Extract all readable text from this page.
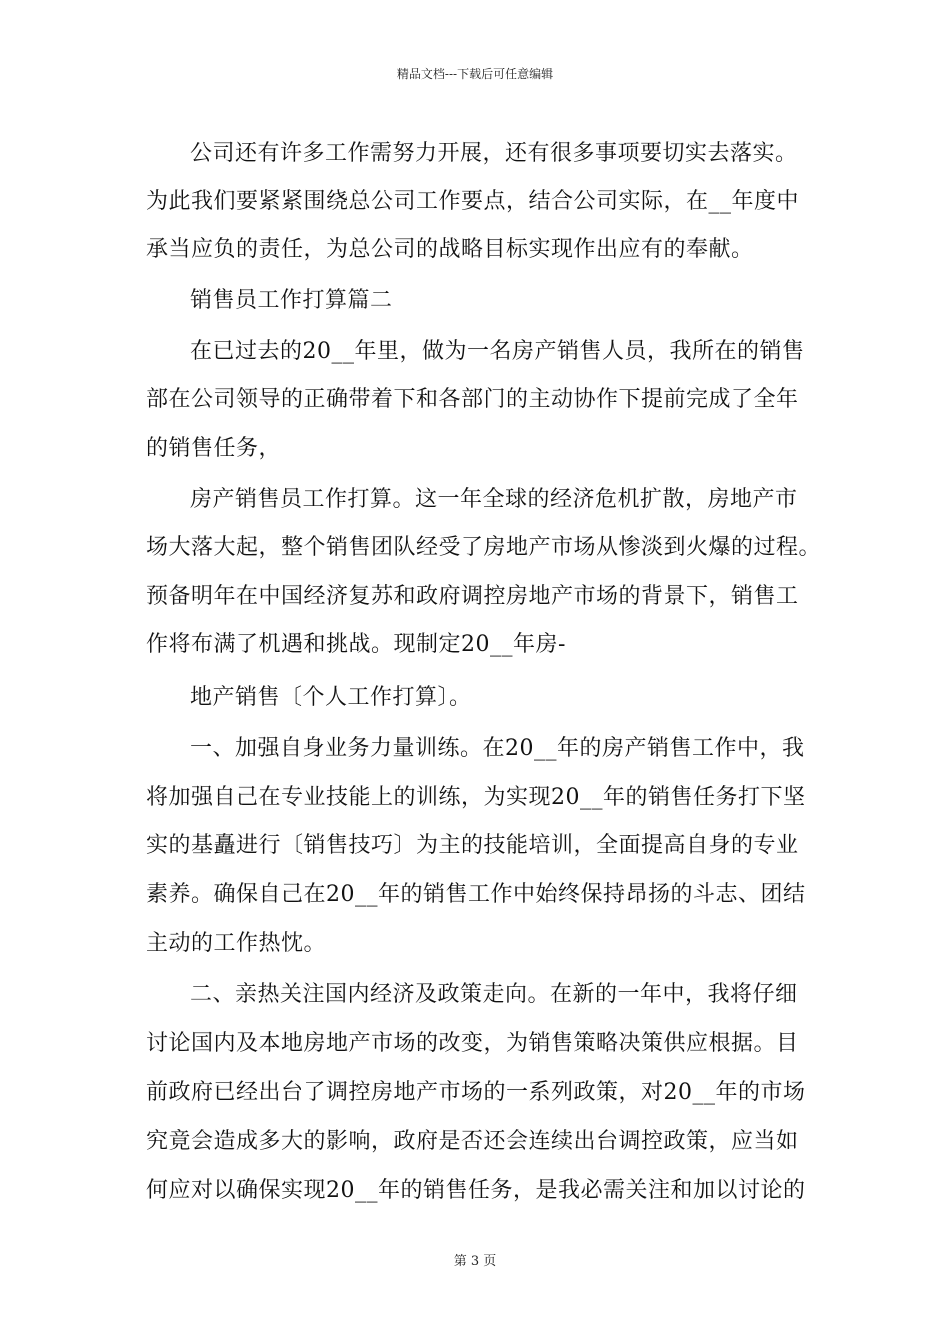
精品文档---下载后可任意编辑
公司还有许多工作需努力开展，还有很多事项要切实去落实。
为此我们要紧紧围绕总公司工作要点，结合公司实际，在__年度中
承当应负的责任，为总公司的战略目标实现作出应有的奉献。
销售员工作打算篇二
在已过去的20__年里，做为一名房产销售人员，我所在的销售
部在公司领导的正确带着下和各部门的主动协作下提前完成了全年
的销售任务，
房产销售员工作打算。这一年全球的经济危机扩散，房地产市
场大落大起，整个销售团队经受了房地产市场从惨淡到火爆的过程。
预备明年在中国经济复苏和政府调控房地产市场的背景下，销售工
作将布满了机遇和挑战。现制定20__年房-
地产销售〔个人工作打算〕。
一、加强自身业务力量训练。在20__年的房产销售工作中，我
将加强自己在专业技能上的训练，为实现20__年的销售任务打下坚
实的基矗进行〔销售技巧〕为主的技能培训，全面提高自身的专业
素养。确保自己在20__年的销售工作中始终保持昂扬的斗志、团结
主动的工作热忱。
二、亲热关注国内经济及政策走向。在新的一年中，我将仔细
讨论国内及本地房地产市场的改变，为销售策略决策供应根据。目
前政府已经出台了调控房地产市场的一系列政策，对20__年的市场
究竟会造成多大的影响，政府是否还会连续出台调控政策，应当如
何应对以确保实现20__年的销售任务，是我必需关注和加以讨论的
第 3 页
